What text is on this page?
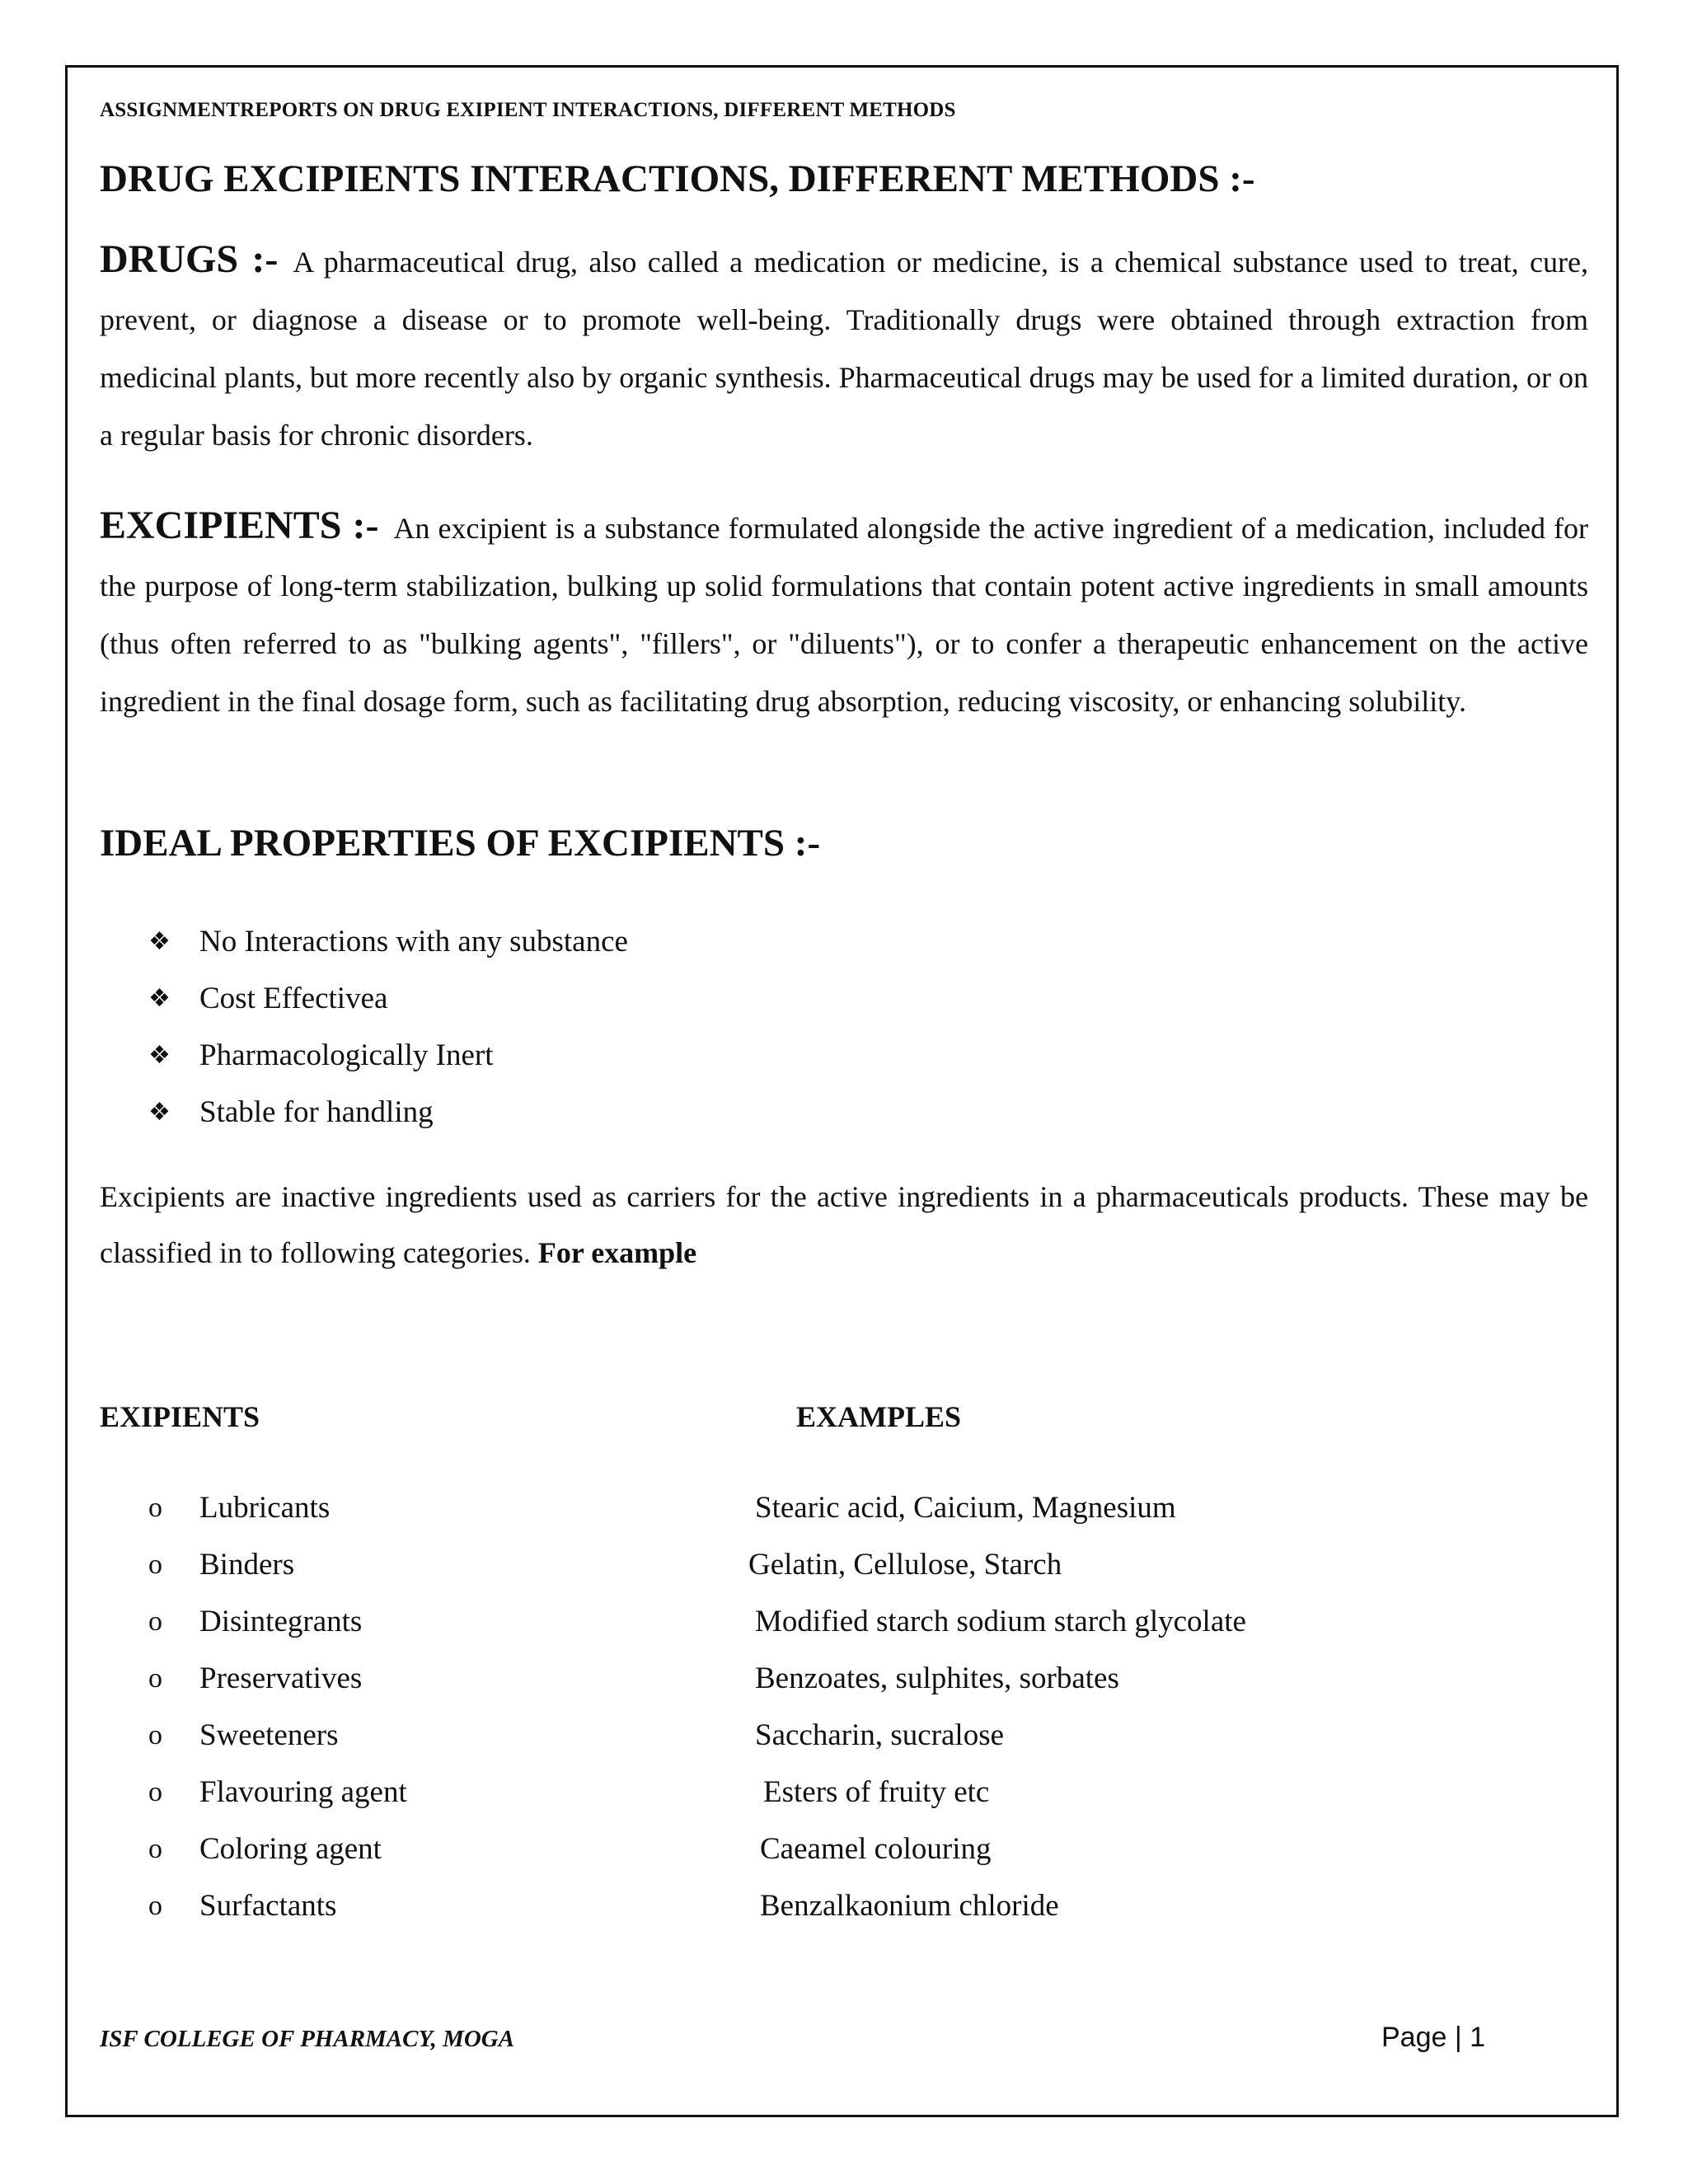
ASSIGNMENTREPORTS ON DRUG EXIPIENT INTERACTIONS, DIFFERENT METHODS
DRUG EXCIPIENTS INTERACTIONS, DIFFERENT METHODS :-
DRUGS :- A pharmaceutical drug, also called a medication or medicine, is a chemical substance used to treat, cure, prevent, or diagnose a disease or to promote well-being. Traditionally drugs were obtained through extraction from medicinal plants, but more recently also by organic synthesis. Pharmaceutical drugs may be used for a limited duration, or on a regular basis for chronic disorders.
EXCIPIENTS :- An excipient is a substance formulated alongside the active ingredient of a medication, included for the purpose of long-term stabilization, bulking up solid formulations that contain potent active ingredients in small amounts (thus often referred to as "bulking agents", "fillers", or "diluents"), or to confer a therapeutic enhancement on the active ingredient in the final dosage form, such as facilitating drug absorption, reducing viscosity, or enhancing solubility.
IDEAL PROPERTIES OF EXCIPIENTS :-
❖ No Interactions with any substance
❖ Cost Effectivea
❖ Pharmacologically Inert
❖ Stable for handling
Excipients are inactive ingredients used as carriers for the active ingredients in a pharmaceuticals products. These may be classified in to following categories. For example
EXIPIENTS	EXAMPLES
o Lubricants	Stearic acid, Caicium, Magnesium
o Binders	Gelatin, Cellulose, Starch
o Disintegrants	Modified starch sodium starch glycolate
o Preservatives	Benzoates, sulphites, sorbates
o Sweeteners	Saccharin, sucralose
o Flavouring agent	Esters of fruity etc
o Coloring agent	Caeamel colouring
o Surfactants	Benzalkaonium chloride
ISF COLLEGE OF PHARMACY, MOGA	Page | 1
